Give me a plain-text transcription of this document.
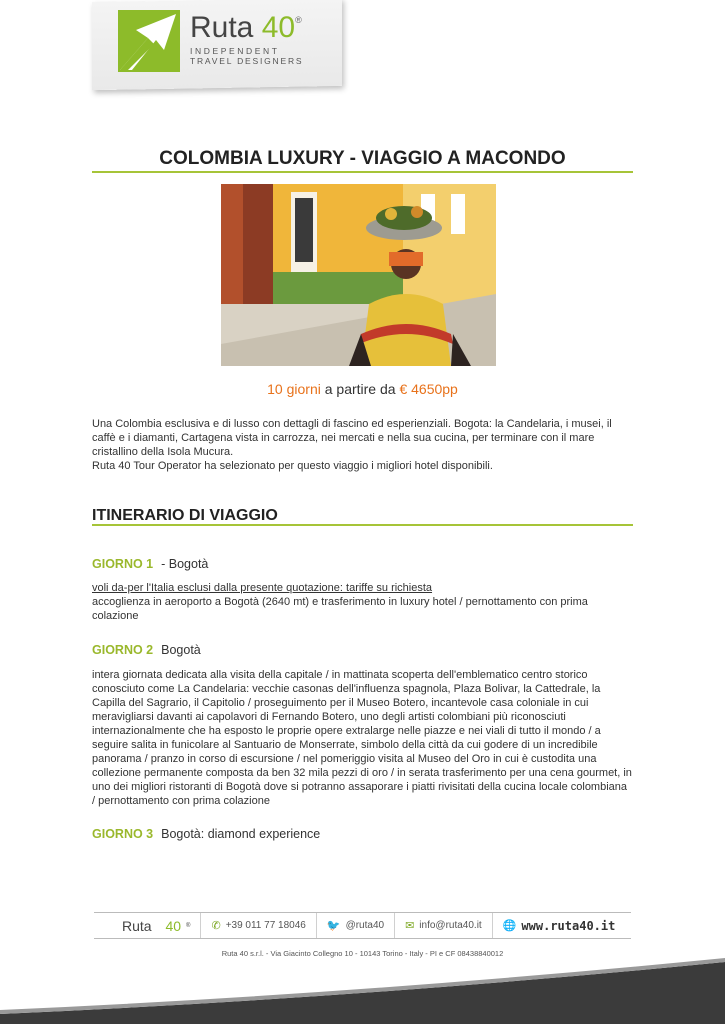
Ruta 40®
INDEPENDENT
TRAVEL DESIGNERS
COLOMBIA LUXURY - VIAGGIO A MACONDO
10 giorni a partire da € 4650pp
Una Colombia esclusiva e di lusso con dettagli di fascino ed esperienziali. Bogota: la Candelaria, i musei, il caffè e i diamanti, Cartagena vista in carrozza, nei mercati e nella sua cucina, per terminare con il mare cristallino della Isola Mucura.
Ruta 40 Tour Operator ha selezionato per questo viaggio i migliori hotel disponibili.
ITINERARIO DI VIAGGIO
GIORNO 1 - Bogotà
voli da-per l'Italia esclusi dalla presente quotazione: tariffe su richiesta
accoglienza in aeroporto a Bogotà (2640 mt) e trasferimento in luxury hotel / pernottamento con prima colazione
GIORNO 2 Bogotà
intera giornata dedicata alla visita della capitale / in mattinata scoperta dell'emblematico centro storico conosciuto come La Candelaria: vecchie casonas dell'influenza spagnola, Plaza Bolivar, la Cattedrale, la Capilla del Sagrario, il Capitolio / proseguimento per il Museo Botero, incantevole casa coloniale in cui meravigliarsi davanti ai capolavori di Fernando Botero, uno degli artisti colombiani più riconosciuti internazionalmente che ha esposto le proprie opere extralarge nelle piazze e nei viali di tutto il mondo / a seguire salita in funicolare al Santuario de Monserrate, simbolo della città da cui godere di un incredibile panorama / pranzo in corso di escursione / nel pomeriggio visita al Museo del Oro in cui è custodita una collezione permanente composta da ben 32 mila pezzi di oro / in serata trasferimento per una cena gourmet, in uno dei migliori ristoranti di Bogotà dove si potranno assaporare i piatti rivisitati della cucina locale colombiana / pernottamento con prima colazione
GIORNO 3 Bogotà: diamond experience
Ruta
40 ® ✆ +39 011 77 18046 🐦 @ruta40 ✉ info@ruta40.it 🌐 www.ruta40.it
Ruta 40 s.r.l. - Via Giacinto Collegno 10 - 10143 Torino - Italy - PI e CF 08438840012
